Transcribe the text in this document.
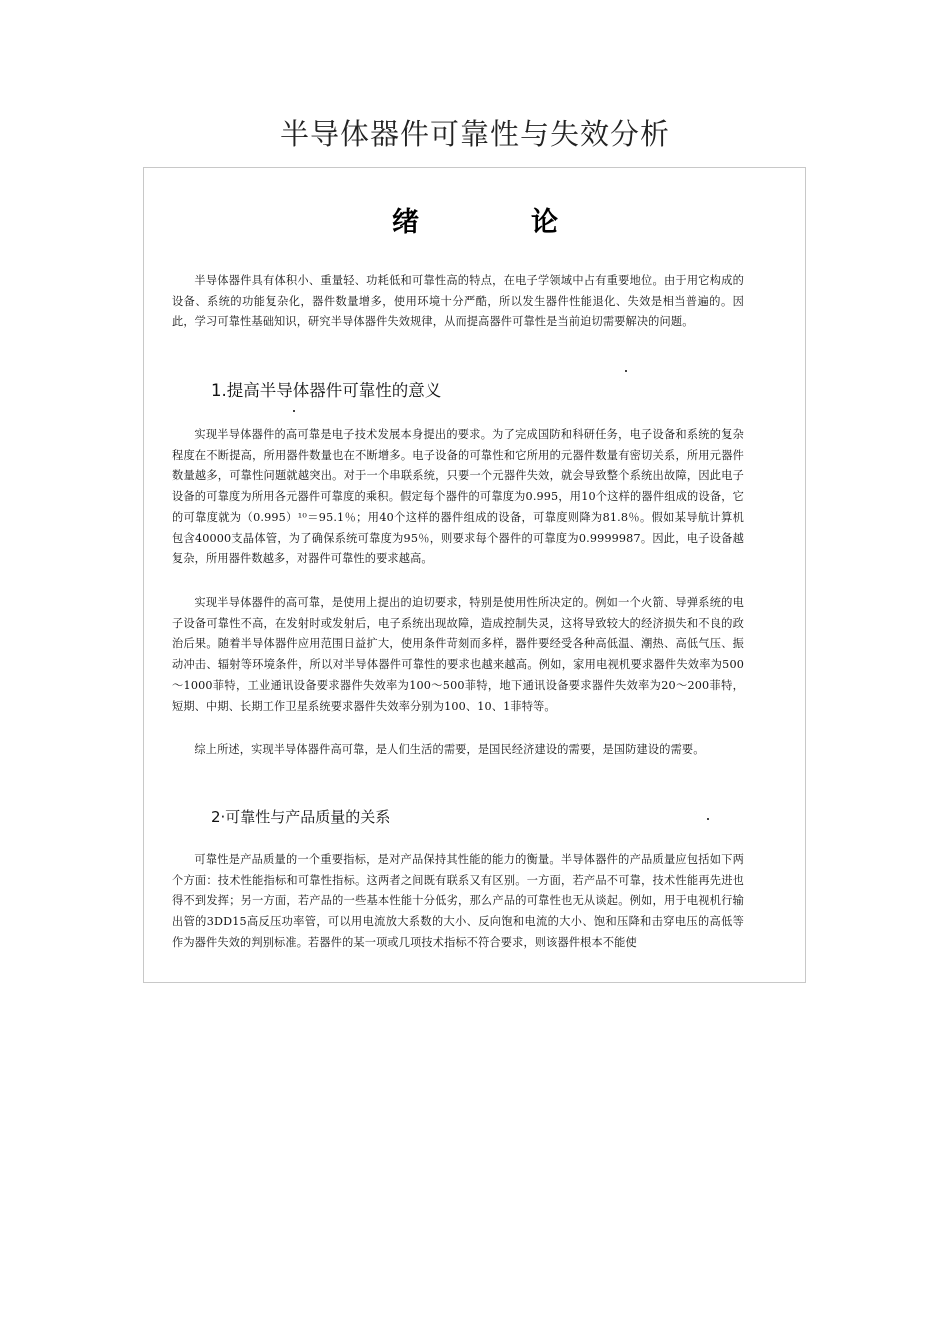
半导体器件可靠性与失效分析
绪	论

半导体器件具有体积小、重量轻、功耗低和可靠性高的特点，在电子学领域中占有重要地位。由于用它构成的设备、系统的功能复杂化，器件数量增多，使用环境十分严酷，所以发生器件性能退化、失效是相当普遍的。因此，学习可靠性基础知识，研究半导体器件失效规律，从而提高器件可靠性是当前迫切需要解决的问题。

1.提高半导体器件可靠性的意义

实现半导体器件的高可靠是电子技术发展本身提出的要求。为了完成国防和科研任务，电子设备和系统的复杂程度在不断提高，所用器件数量也在不断增多。电子设备的可靠性和它所用的元器件数量有密切关系，所用元器件数量越多，可靠性问题就越突出。对于一个串联系统，只要一个元器件失效，就会导致整个系统出故障，因此电子设备的可靠度为所用各元器件可靠度的乘积。假定每个器件的可靠度为0.995，用10个这样的器件组成的设备，它的可靠度就为（0.995）¹⁰＝95.1％；用40个这样的器件组成的设备，可靠度则降为81.8％。假如某导航计算机包含40000支晶体管，为了确保系统可靠度为95％，则要求每个器件的可靠度为0.9999987。因此，电子设备越复杂，所用器件数越多，对器件可靠性的要求越高。

实现半导体器件的高可靠，是使用上提出的迫切要求，特别是使用性所决定的。例如一个火箭、导弹系统的电子设备可靠性不高，在发射时或发射后，电子系统出现故障，造成控制失灵，这将导致较大的经济损失和不良的政治后果。随着半导体器件应用范围日益扩大，使用条件苛刻而多样，器件要经受各种高低温、潮热、高低气压、振动冲击、辐射等环境条件，所以对半导体器件可靠性的要求也越来越高。例如，家用电视机要求器件失效率为500～1000菲特，工业通讯设备要求器件失效率为100～500菲特，地下通讯设备要求器件失效率为20～200菲特，短期、中期、长期工作卫星系统要求器件失效率分别为100、10、1菲特等。

综上所述，实现半导体器件高可靠，是人们生活的需要，是国民经济建设的需要，是国防建设的需要。

2·可靠性与产品质量的关系

可靠性是产品质量的一个重要指标，是对产品保持其性能的能力的衡量。半导体器件的产品质量应包括如下两个方面：技术性能指标和可靠性指标。这两者之间既有联系又有区别。一方面，若产品不可靠，技术性能再先进也得不到发挥；另一方面，若产品的一些基本性能十分低劣，那么产品的可靠性也无从谈起。例如，用于电视机行输出管的3DD15高反压功率管，可以用电流放大系数的大小、反向饱和电流的大小、饱和压降和击穿电压的高低等作为器件失效的判别标准。若器件的某一项或几项技术指标不符合要求，则该器件根本不能使
